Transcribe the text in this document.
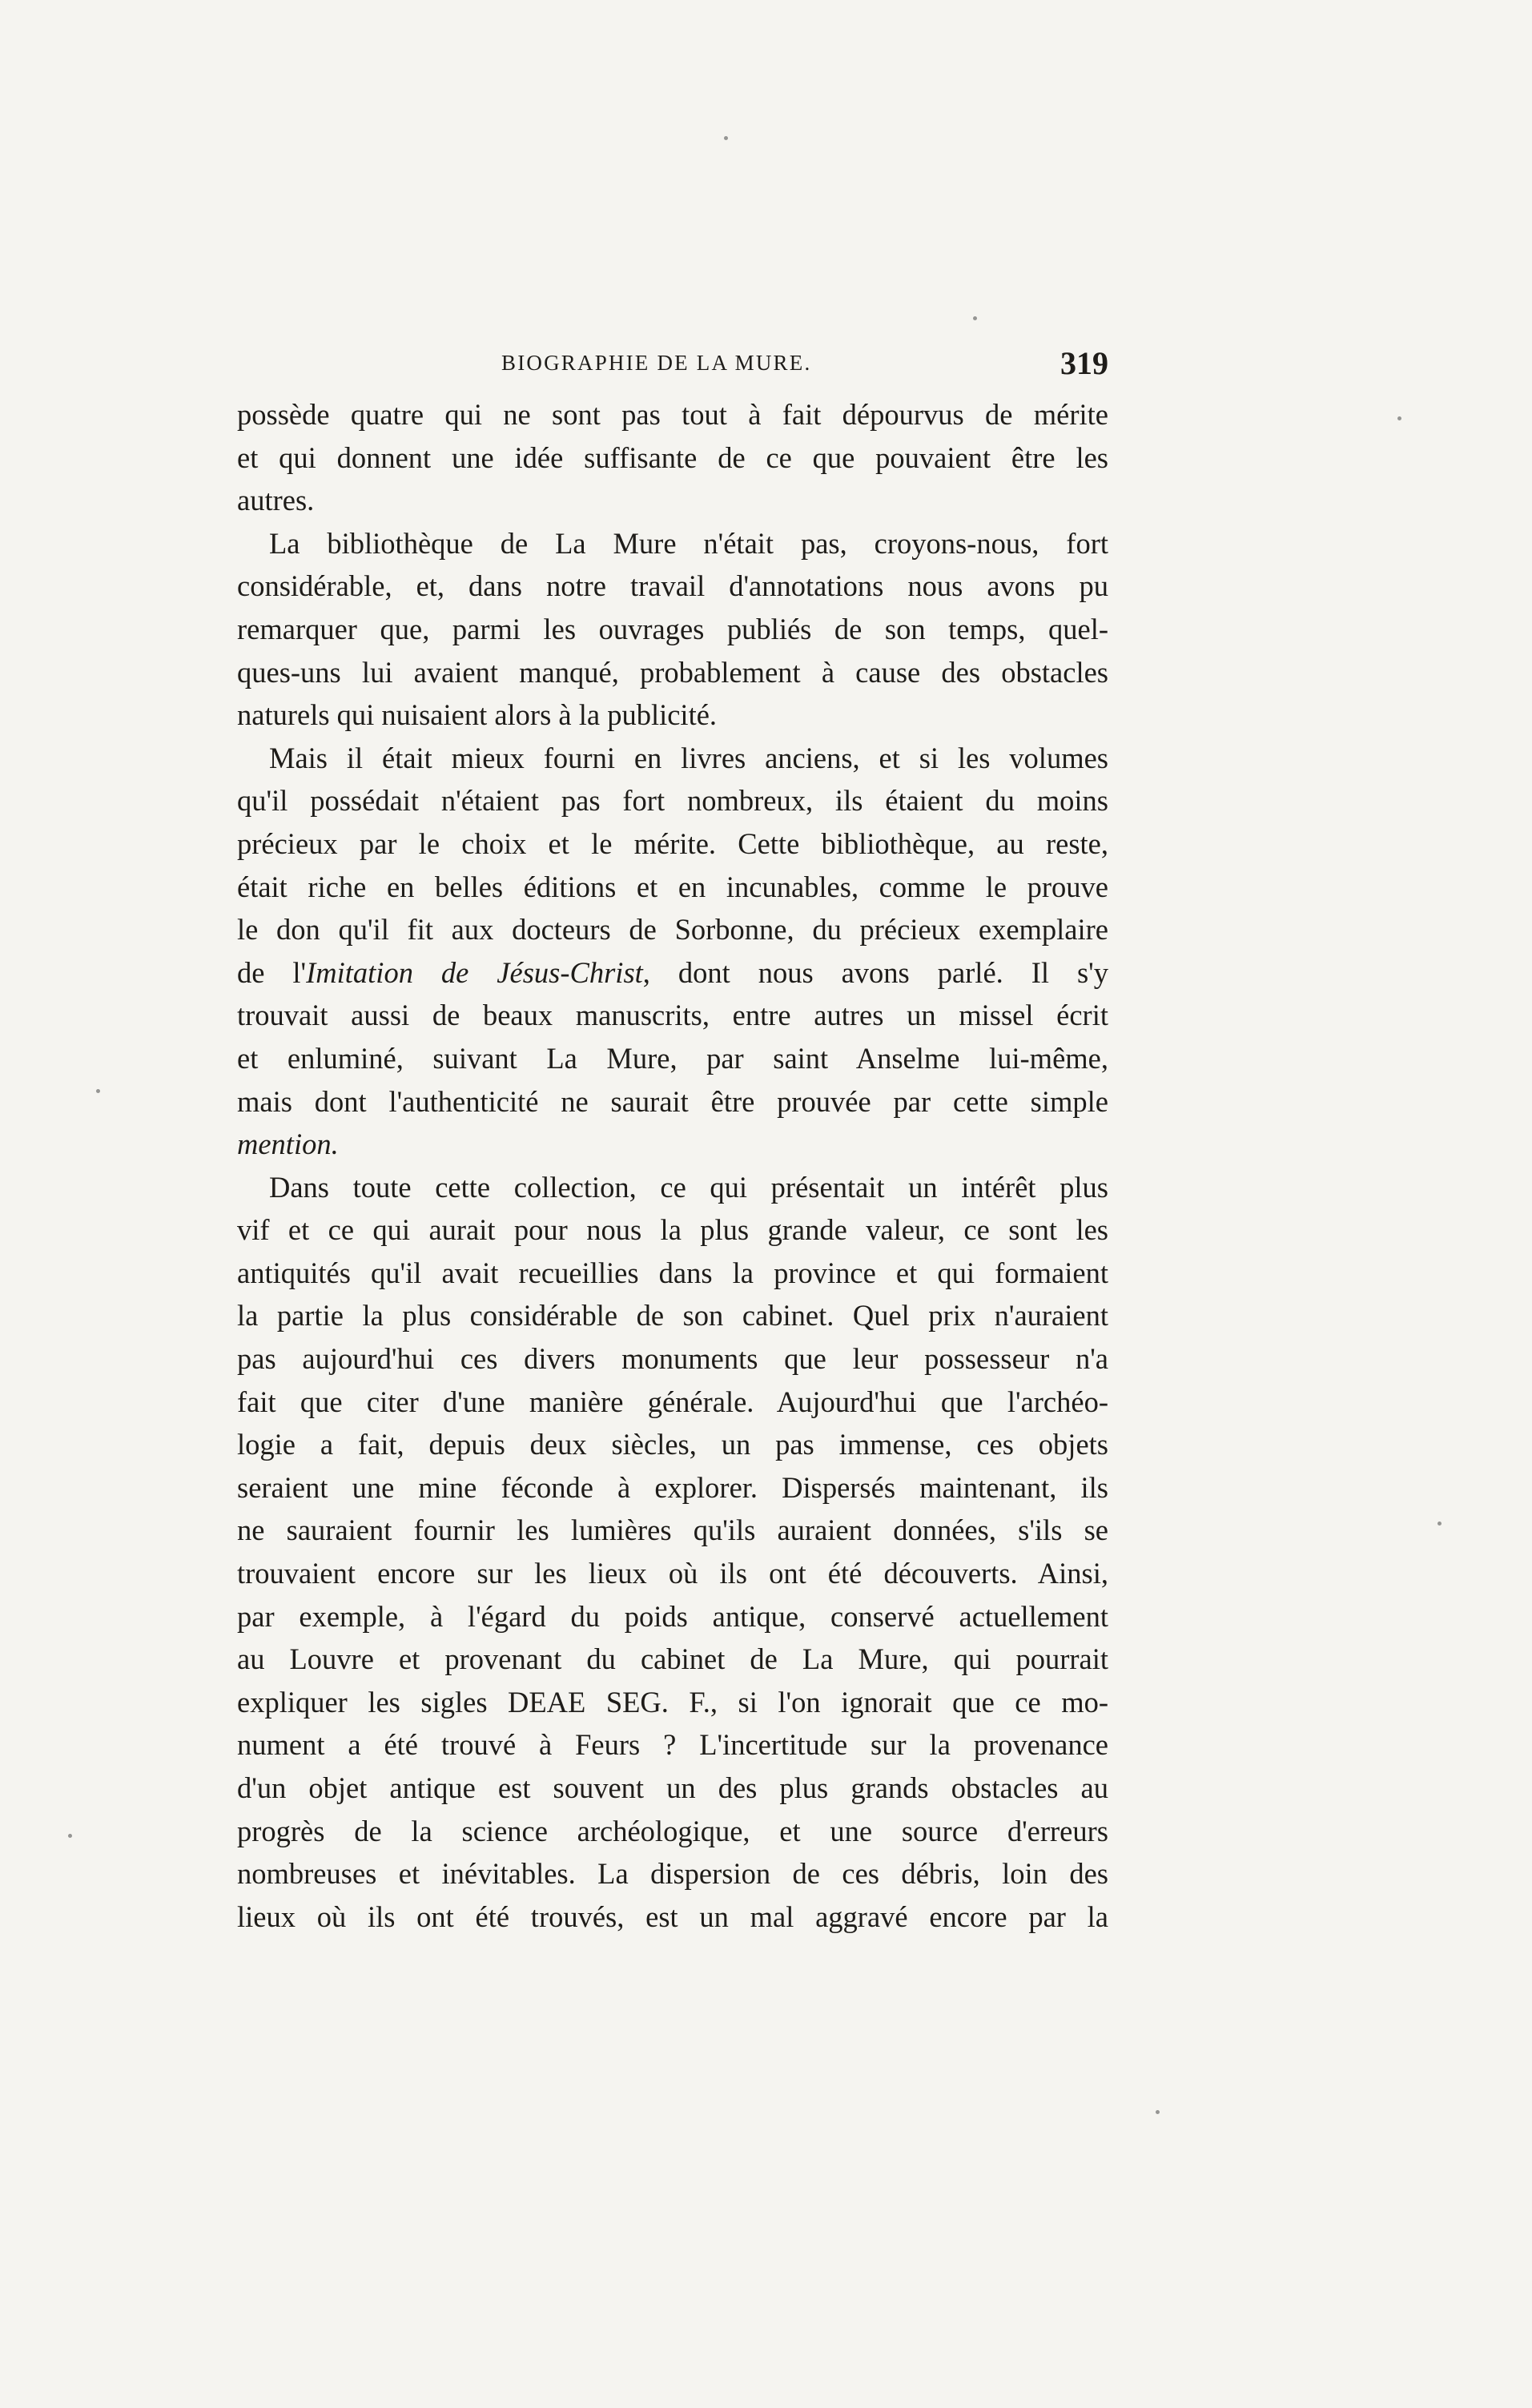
BIOGRAPHIE DE LA MURE.	319
possède quatre qui ne sont pas tout à fait dépourvus de mérite
et qui donnent une idée suffisante de ce que pouvaient être les
autres.
La bibliothèque de La Mure n'était pas, croyons-nous, fort
considérable, et, dans notre travail d'annotations nous avons pu
remarquer que, parmi les ouvrages publiés de son temps, quel-
ques-uns lui avaient manqué, probablement à cause des obstacles
naturels qui nuisaient alors à la publicité.
Mais il était mieux fourni en livres anciens, et si les volumes
qu'il possédait n'étaient pas fort nombreux, ils étaient du moins
précieux par le choix et le mérite. Cette bibliothèque, au reste,
était riche en belles éditions et en incunables, comme le prouve
le don qu'il fit aux docteurs de Sorbonne, du précieux exemplaire
de l'Imitation de Jésus-Christ, dont nous avons parlé. Il s'y
trouvait aussi de beaux manuscrits, entre autres un missel écrit
et enluminé, suivant La Mure, par saint Anselme lui-même,
mais dont l'authenticité ne saurait être prouvée par cette simple
mention.
Dans toute cette collection, ce qui présentait un intérêt plus
vif et ce qui aurait pour nous la plus grande valeur, ce sont les
antiquités qu'il avait recueillies dans la province et qui formaient
la partie la plus considérable de son cabinet. Quel prix n'auraient
pas aujourd'hui ces divers monuments que leur possesseur n'a
fait que citer d'une manière générale. Aujourd'hui que l'archéo-
logie a fait, depuis deux siècles, un pas immense, ces objets
seraient une mine féconde à explorer. Dispersés maintenant, ils
ne sauraient fournir les lumières qu'ils auraient données, s'ils se
trouvaient encore sur les lieux où ils ont été découverts. Ainsi,
par exemple, à l'égard du poids antique, conservé actuellement
au Louvre et provenant du cabinet de La Mure, qui pourrait
expliquer les sigles DEAE SEG. F., si l'on ignorait que ce mo-
nument a été trouvé à Feurs ? L'incertitude sur la provenance
d'un objet antique est souvent un des plus grands obstacles au
progrès de la science archéologique, et une source d'erreurs
nombreuses et inévitables. La dispersion de ces débris, loin des
lieux où ils ont été trouvés, est un mal aggravé encore par la
